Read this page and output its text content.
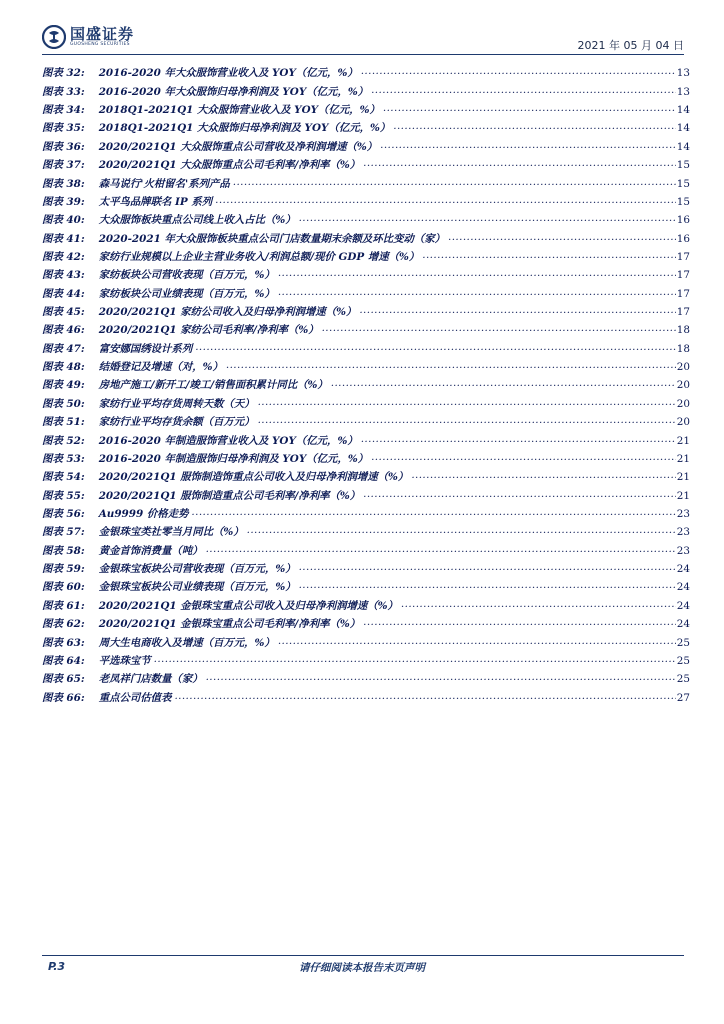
国盛证券
GUOSHENG SECURITIES	2021 年 05 月 04 日
图表 32: 2016-2020 年大众服饰营业收入及 YOY（亿元，%） .....	13
图表 33: 2016-2020 年大众服饰归母净利润及 YOY（亿元，%） .....	13
图表 34: 2018Q1-2021Q1 大众服饰营业收入及 YOY（亿元，%） .....	14
图表 35: 2018Q1-2021Q1 大众服饰归母净利润及 YOY（亿元，%） .....	14
图表 36: 2020/2021Q1 大众服饰重点公司营收及净利润增速（%） .....	14
图表 37: 2020/2021Q1 大众服饰重点公司毛利率/净利率（%） .....	15
图表 38: 森马说行'火柑留名'系列产品 .....	15
图表 39: 太平鸟品牌联名 IP 系列 .....	15
图表 40: 大众服饰板块重点公司线上收入占比（%） .....	16
图表 41: 2020-2021 年大众服饰板块重点公司门店数量期末余额及环比变动（家） .....	16
图表 42: 家纺行业规模以上企业主营业务收入/利润总额/现价 GDP 增速（%） .....	17
图表 43: 家纺板块公司营收表现（百万元，%） .....	17
图表 44: 家纺板块公司业绩表现（百万元，%） .....	17
图表 45: 2020/2021Q1 家纺公司收入及归母净利润增速（%） .....	17
图表 46: 2020/2021Q1 家纺公司毛利率/净利率（%） .....	18
图表 47: 富安娜国绣设计系列 .....	18
图表 48: 结婚登记及增速（对，%） .....	20
图表 49: 房地产施工/新开工/竣工/销售面积累计同比（%） .....	20
图表 50: 家纺行业平均存货周转天数（天） .....	20
图表 51: 家纺行业平均存货余额（百万元） .....	20
图表 52: 2016-2020 年制造服饰营业收入及 YOY（亿元，%） .....	21
图表 53: 2016-2020 年制造服饰归母净利润及 YOY（亿元，%） .....	21
图表 54: 2020/2021Q1 服饰制造饰重点公司收入及归母净利润增速（%） .....	21
图表 55: 2020/2021Q1 服饰制造重点公司毛利率/净利率（%） .....	21
图表 56: Au9999 价格走势 .....	23
图表 57: 金银珠宝类社零当月同比（%） .....	23
图表 58: 黄金首饰消费量（吨） .....	23
图表 59: 金银珠宝板块公司营收表现（百万元，%） .....	24
图表 60: 金银珠宝板块公司业绩表现（百万元，%） .....	24
图表 61: 2020/2021Q1 金银珠宝重点公司收入及归母净利润增速（%） .....	24
图表 62: 2020/2021Q1 金银珠宝重点公司毛利率/净利率（%） .....	24
图表 63: 周大生电商收入及增速（百万元，%） .....	25
图表 64: 平选珠宝节 .....	25
图表 65: 老凤祥门店数量（家） .....	25
图表 66: 重点公司估值表 .....	27
P.3	请仔细阅读本报告末页声明
